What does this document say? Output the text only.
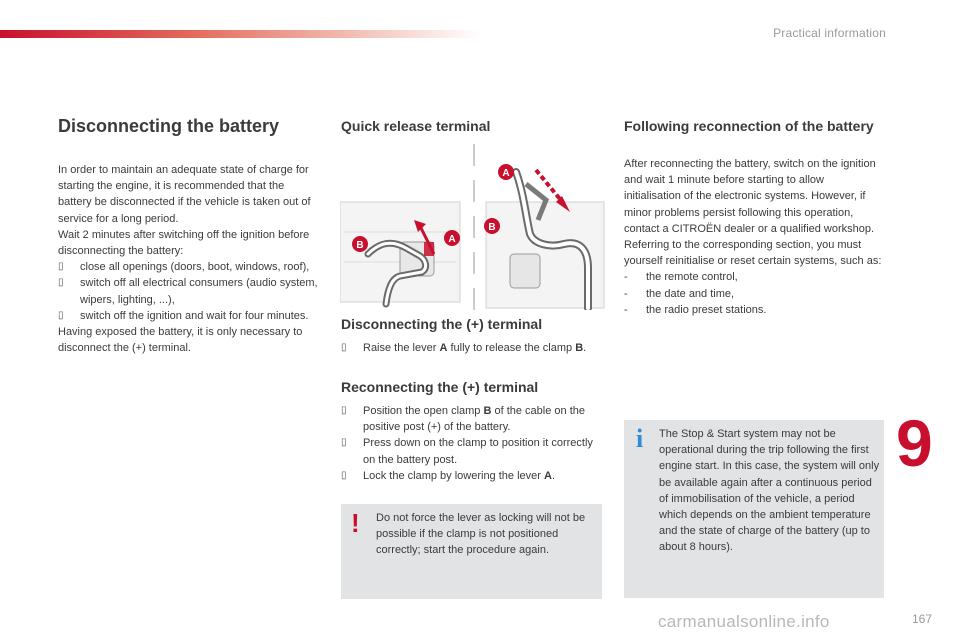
Practical information
Disconnecting the battery

In order to maintain an adequate state of charge for starting the engine, it is recommended that the battery be disconnected if the vehicle is taken out of service for a long period.

Wait 2 minutes after switching off the ignition before disconnecting the battery:

▯	close all openings (doors, boot, windows, roof),
▯	switch off all electrical consumers (audio system, wipers, lighting, ...),
▯	switch off the ignition and wait for four minutes.

Having exposed the battery, it is only necessary to disconnect the (+) terminal.

Quick release terminal
B
A
A
B
Disconnecting the (+) terminal
▯	Raise the lever A fully to release the clamp B.
Reconnecting the (+) terminal
▯	Position the open clamp B of the cable on the positive post (+) of the battery.
▯	Press down on the clamp to position it correctly on the battery post.
▯	Lock the clamp by lowering the lever A.
! Do not force the lever as locking will not be possible if the clamp is not positioned correctly; start the procedure again.
Following reconnection of the battery

After reconnecting the battery, switch on the ignition and wait 1 minute before starting to allow initialisation of the electronic systems. However, if minor problems persist following this operation, contact a CITROËN dealer or a qualified workshop.

Referring to the corresponding section, you must yourself reinitialise or reset certain systems, such as:

-	the remote control,
-	the date and time,
-	the radio preset stations.
i The Stop & Start system may not be operational during the trip following the first engine start. In this case, the system will only be available again after a continuous period of immobilisation of the vehicle, a period which depends on the ambient temperature and the state of charge of the battery (up to about 8 hours).
9
carmanualsonline.info	167
